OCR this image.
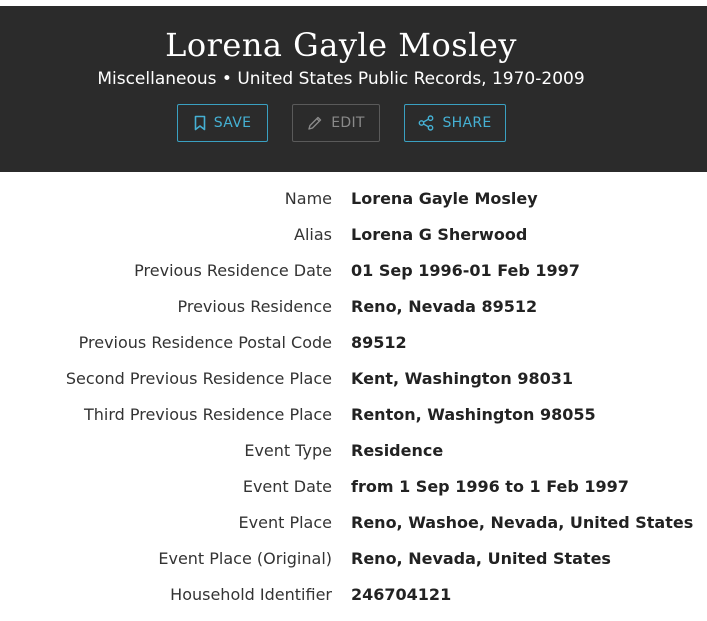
Lorena Gayle Mosley
Miscellaneous • United States Public Records, 1970-2009
SAVE	EDIT	SHARE
Name Lorena Gayle Mosley
Alias Lorena G Sherwood
Previous Residence Date 01 Sep 1996-01 Feb 1997
Previous Residence Reno, Nevada 89512
Previous Residence Postal Code 89512
Second Previous Residence Place Kent, Washington 98031
Third Previous Residence Place Renton, Washington 98055
Event Type Residence
Event Date from 1 Sep 1996 to 1 Feb 1997
Event Place Reno, Washoe, Nevada, United States
Event Place (Original) Reno, Nevada, United States
Household Identifier 246704121
